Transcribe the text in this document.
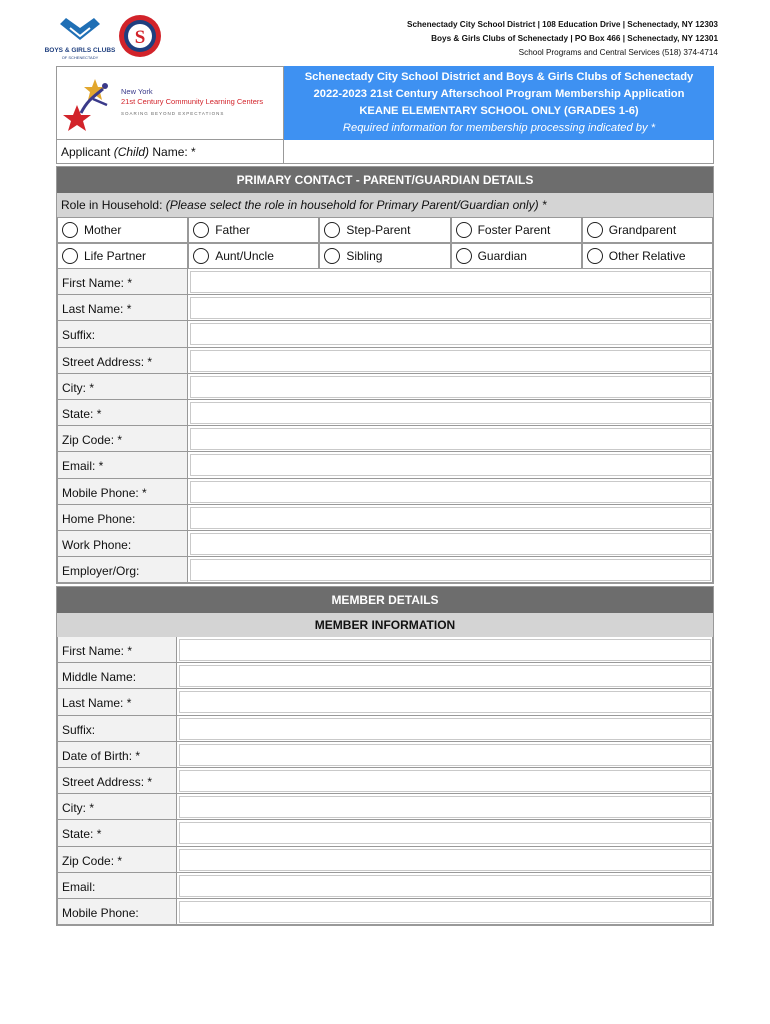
BOYS & GIRLS CLUBS
OF SCHENECTADY
S
Schenectady City School District | 108 Education Drive | Schenectady, NY 12303
Boys & Girls Clubs of Schenectady | PO Box 466 | Schenectady, NY 12301
School Programs and Central Services (518) 374-4714
New York
21st Century Community Learning Centers
SOARING BEYOND EXPECTATIONS
Schenectady City School District and Boys & Girls Clubs of Schenectady
2022-2023 21st Century Afterschool Program Membership Application
KEANE ELEMENTARY SCHOOL ONLY (GRADES 1-6)
Required information for membership processing indicated by *
Applicant (Child) Name: *
PRIMARY CONTACT - PARENT/GUARDIAN DETAILS
Role in Household: (Please select the role in household for Primary Parent/Guardian only) *
Mother	Father	Step-Parent	Foster Parent	Grandparent
Life Partner	Aunt/Uncle	Sibling	Guardian	Other Relative
First Name: *
Last Name: *
Suffix:
Street Address: *
City: *
State: *
Zip Code: *
Email: *
Mobile Phone: *
Home Phone:
Work Phone:
Employer/Org:
MEMBER DETAILS
MEMBER INFORMATION
First Name: *
Middle Name:
Last Name: *
Suffix:
Date of Birth: *
Street Address: *
City: *
State: *
Zip Code: *
Email:
Mobile Phone:
